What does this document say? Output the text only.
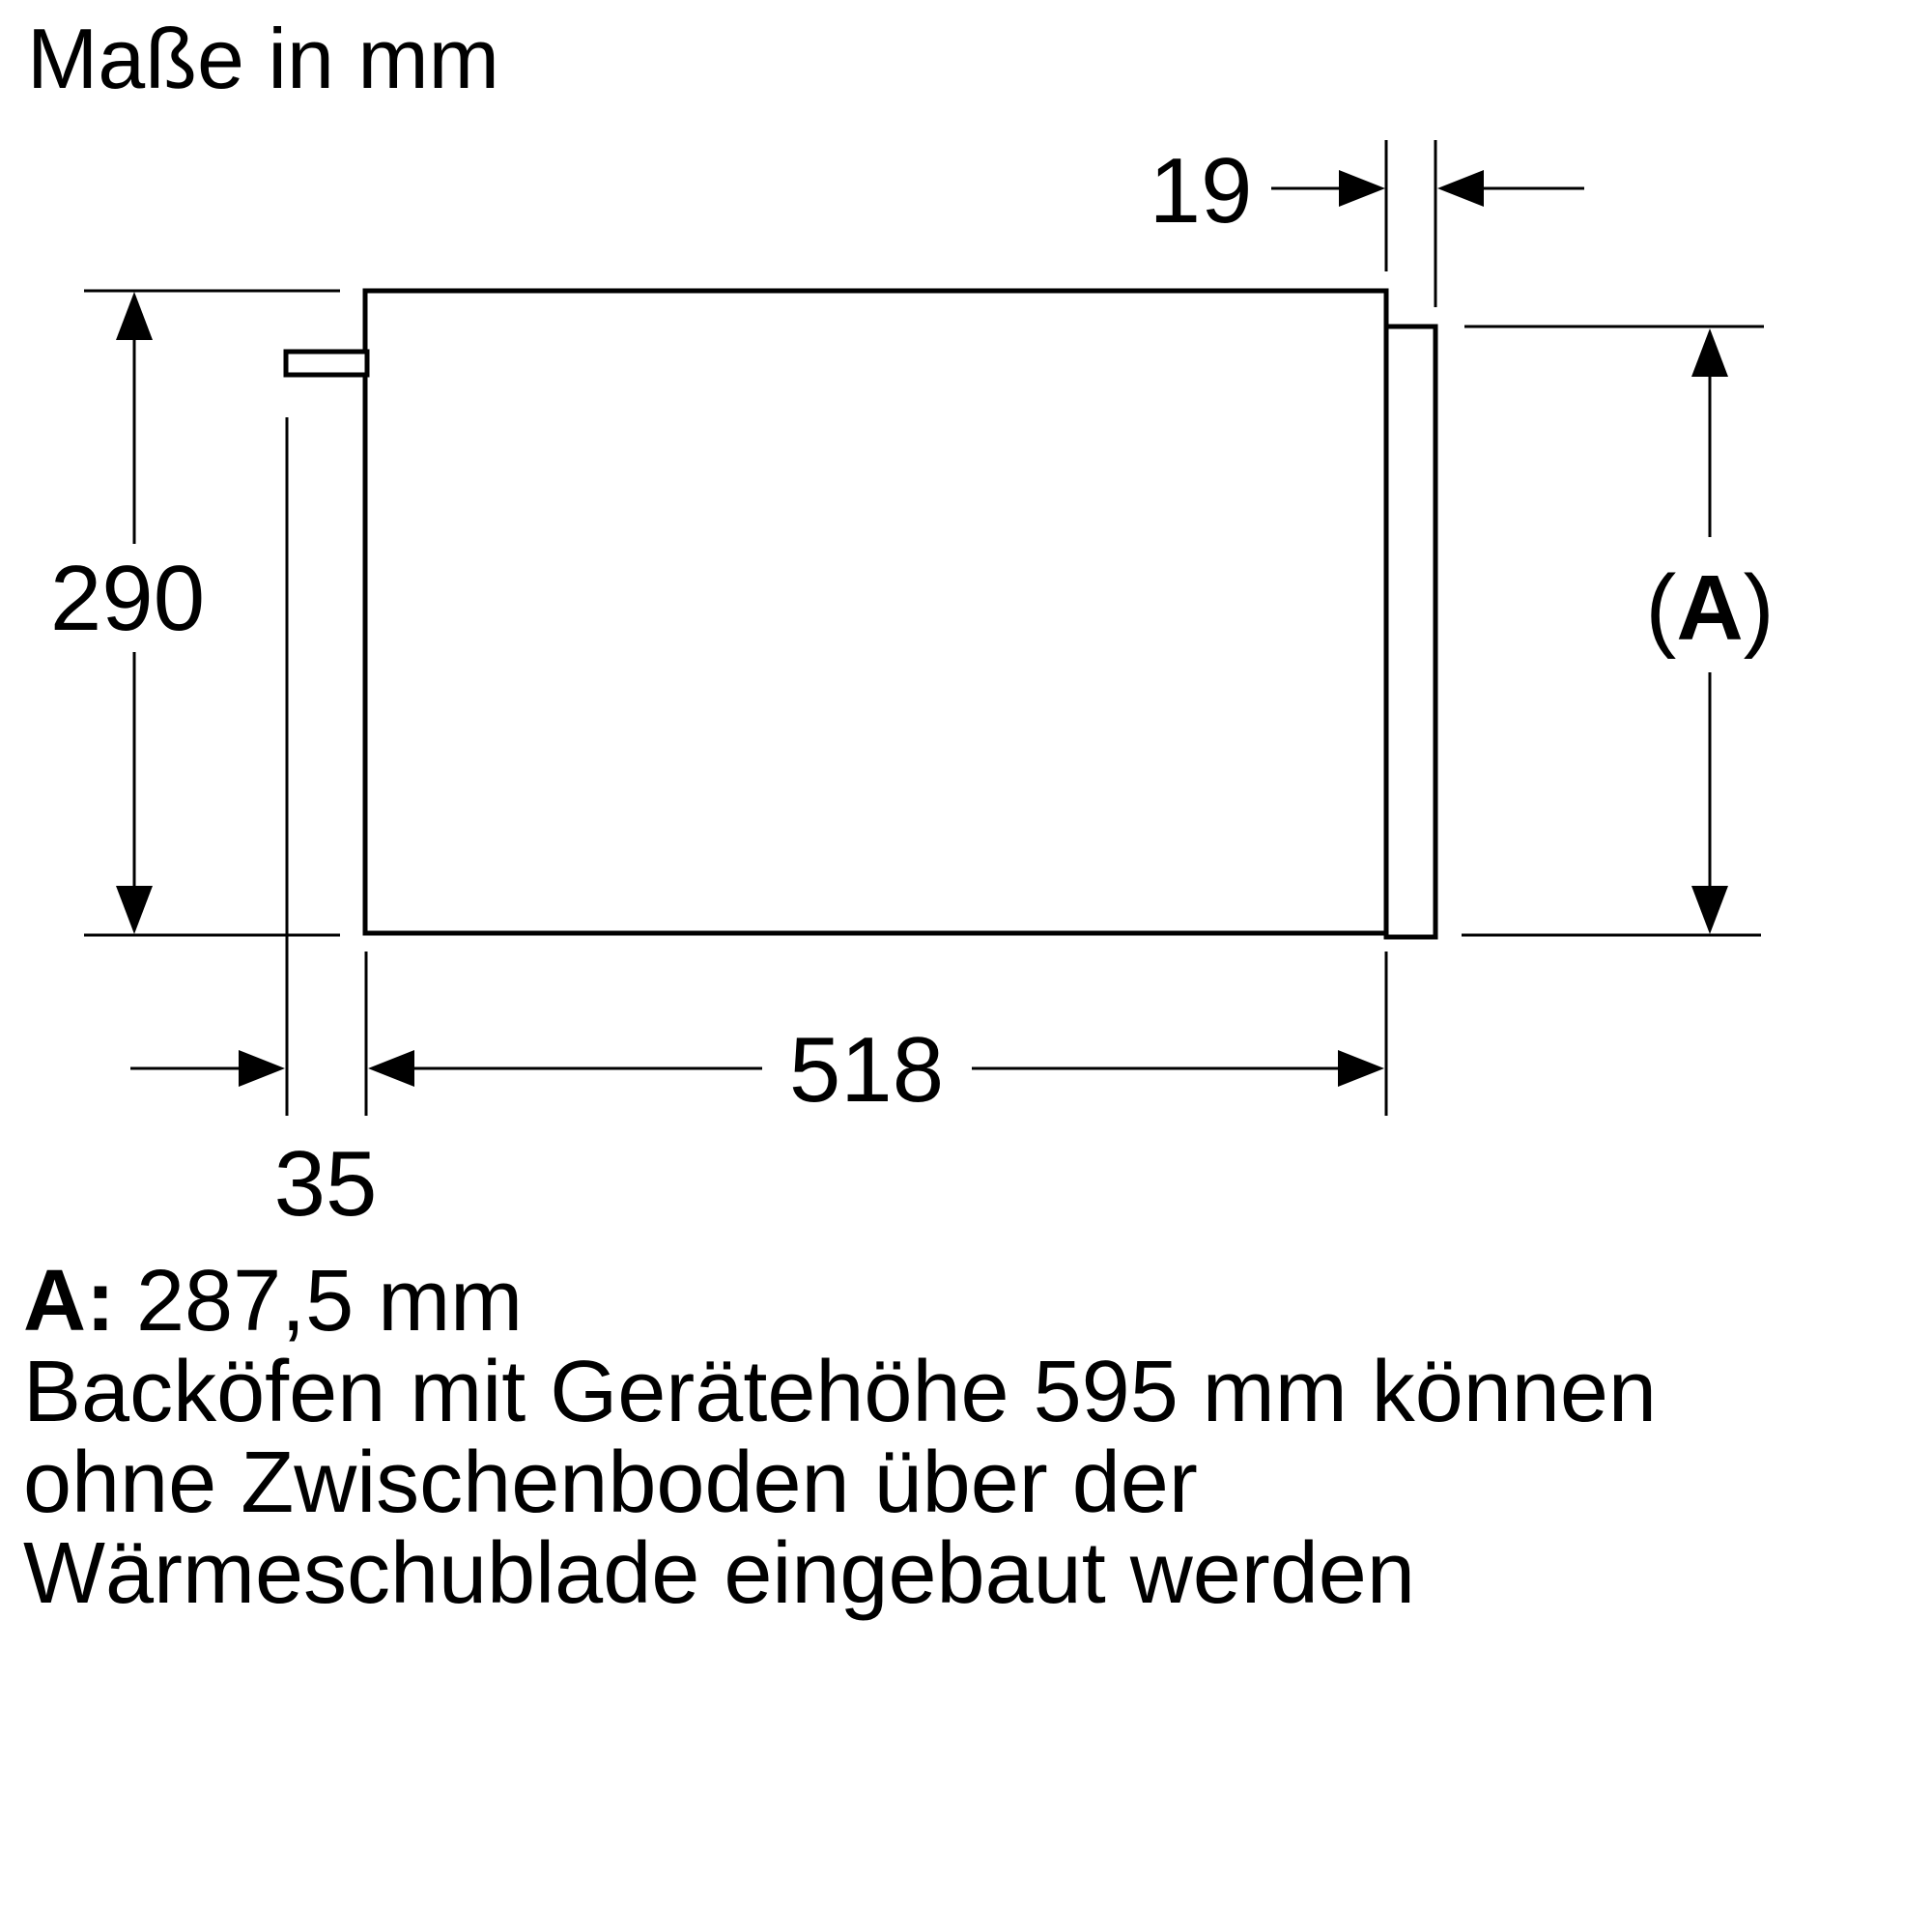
Maße in mm
290
19
35
518
(A)
A: 287,5 mm
Backöfen mit Gerätehöhe 595 mm können
ohne Zwischenboden über der
Wärmeschublade eingebaut werden
